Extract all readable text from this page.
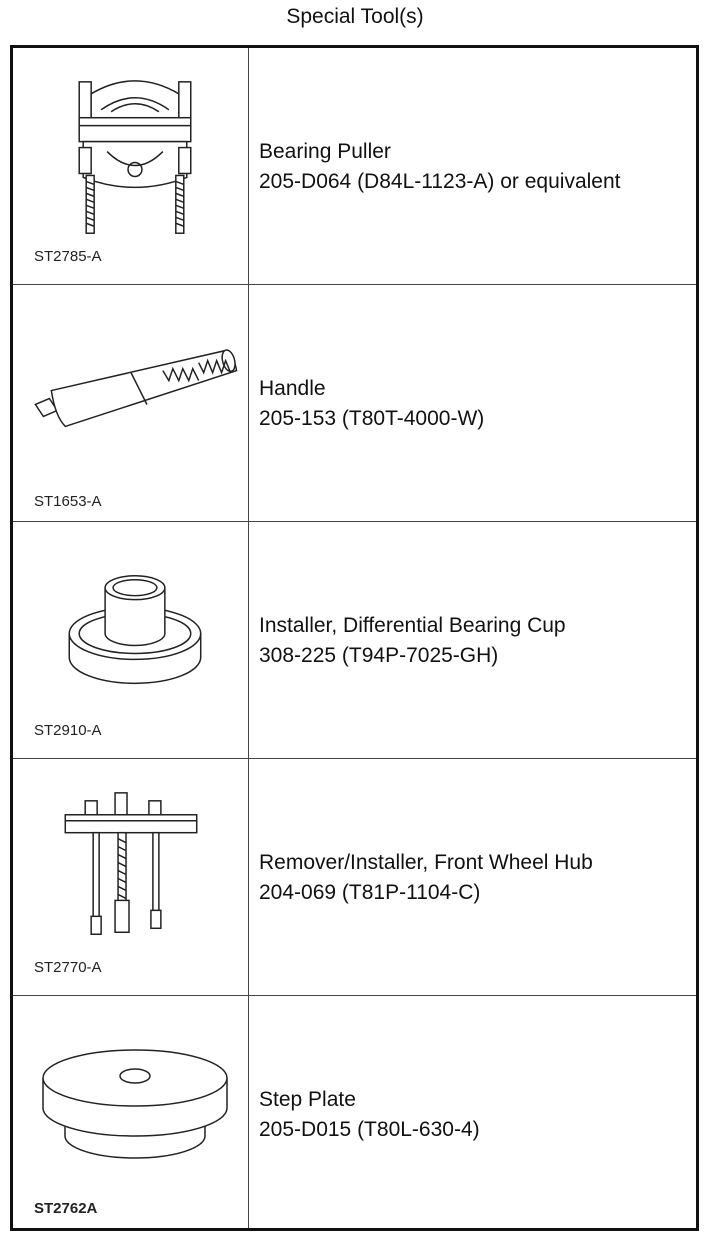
Special Tool(s)
ST2785-A
Bearing Puller
205-D064 (D84L-1123-A) or equivalent
ST1653-A
Handle
205-153 (T80T-4000-W)
ST2910-A
Installer, Differential Bearing Cup
308-225 (T94P-7025-GH)
ST2770-A
Remover/Installer, Front Wheel Hub
204-069 (T81P-1104-C)
ST2762A
Step Plate
205-D015 (T80L-630-4)
